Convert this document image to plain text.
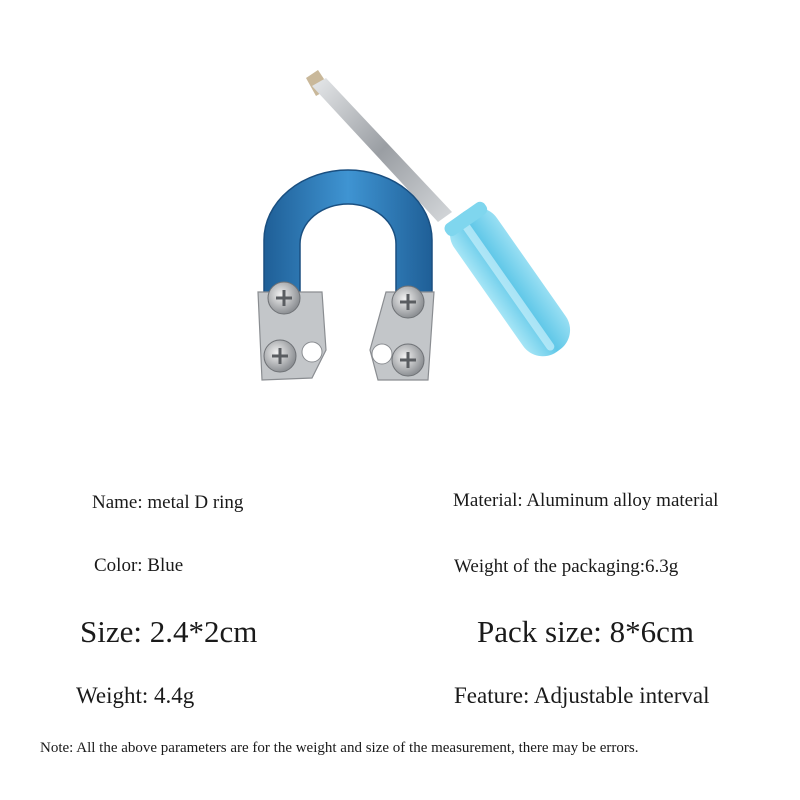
Name: metal D ring	Material: Aluminum alloy material
Color: Blue	Weight of the packaging:6.3g
Size: 2.4*2cm	Pack size: 8*6cm
Weight: 4.4g	Feature: Adjustable interval
Note: All the above parameters are for the weight and size of the measurement, there may be errors.
